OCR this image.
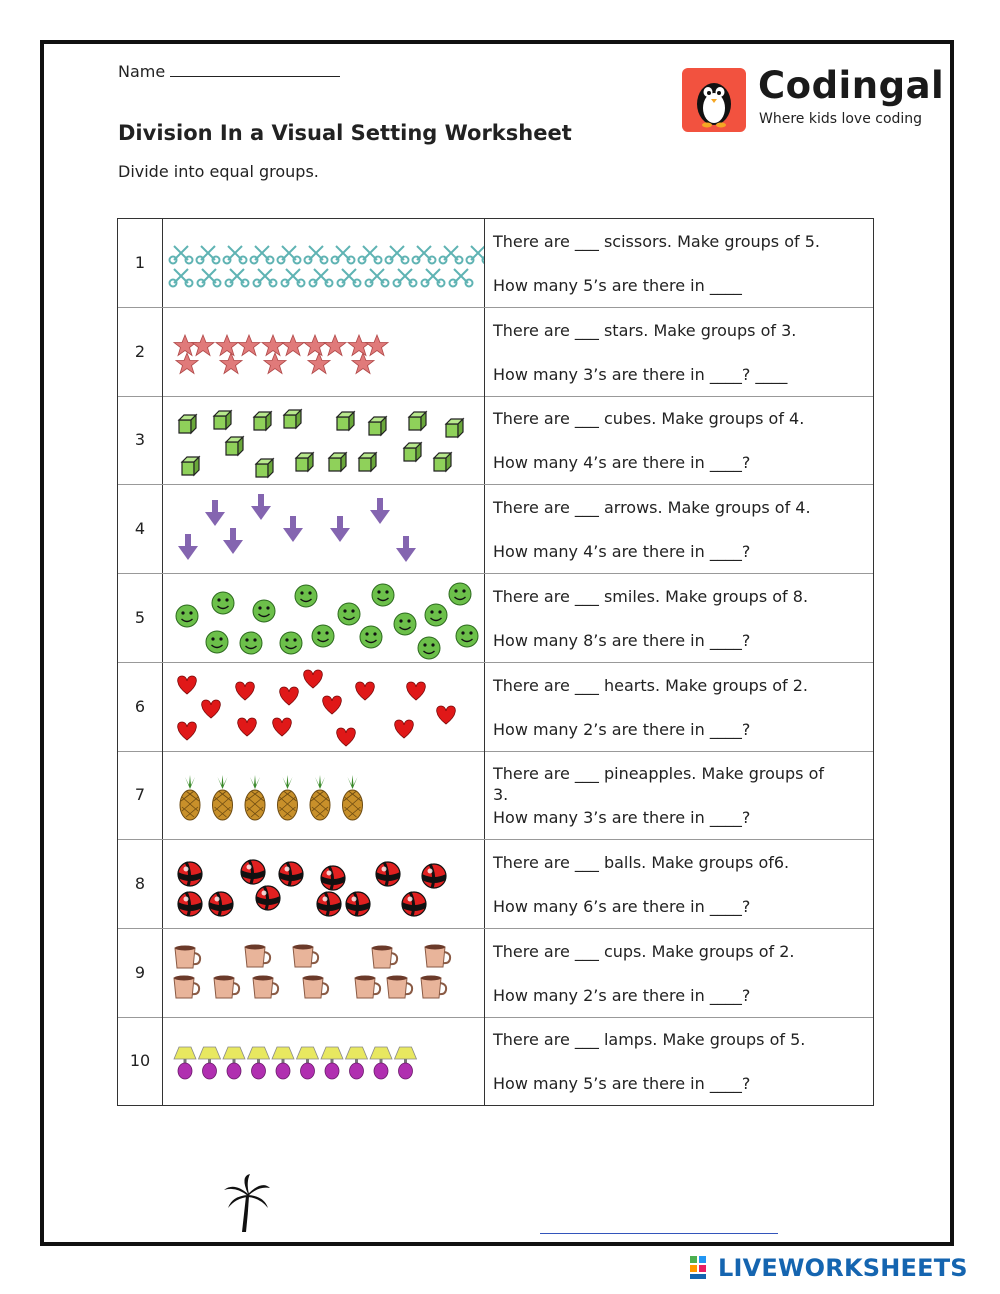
Name
Division In a Visual Setting Worksheet
Divide into equal groups.
Codingal
Where kids love coding
1
There are ___ scissors. Make groups of 5.
How many 5’s are there in ____
2
There are ___ stars. Make groups of 3.
How many 3’s are there in ____? ____
3
There are ___ cubes. Make groups of 4.
How many 4’s are there in ____?
4
There are ___ arrows. Make groups of 4.
How many 4’s are there in ____?
5
There are ___ smiles. Make groups of 8.
How many 8’s are there in ____?
6
There are ___ hearts. Make groups of 2.
How many 2’s are there in ____?
7
There are ___ pineapples. Make groups of 3.
How many 3’s are there in ____?
8
There are ___ balls. Make groups of6.
How many 6’s are there in ____?
9
There are ___ cups. Make groups of 2.
How many 2’s are there in ____?
10
There are ___ lamps. Make groups of 5.
How many 5’s are there in ____?
LIVEWORKSHEETS
